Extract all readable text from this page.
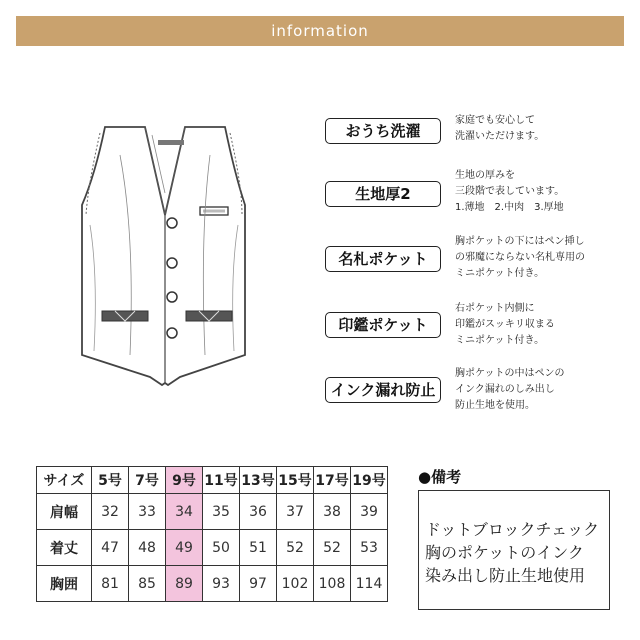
information
おうち洗濯
家庭でも安心して
洗濯いただけます。
生地厚2
生地の厚みを
三段階で表しています。
1.薄地　2.中肉　3.厚地
名札ポケット
胸ポケットの下にはペン挿し
の邪魔にならない名札専用の
ミニポケット付き。
印鑑ポケット
右ポケット内側に
印鑑がスッキリ収まる
ミニポケット付き。
インク漏れ防止
胸ポケットの中はペンの
インク漏れのしみ出し
防止生地を使用。
サイズ	5号	7号	9号	11号	13号	15号	17号	19号
肩幅	32	33	34	35	36	37	38	39
着丈	47	48	49	50	51	52	52	53
胸囲	81	85	89	93	97	102	108	114
●備考
ドットブロックチェック
胸のポケットのインク
染み出し防止生地使用
